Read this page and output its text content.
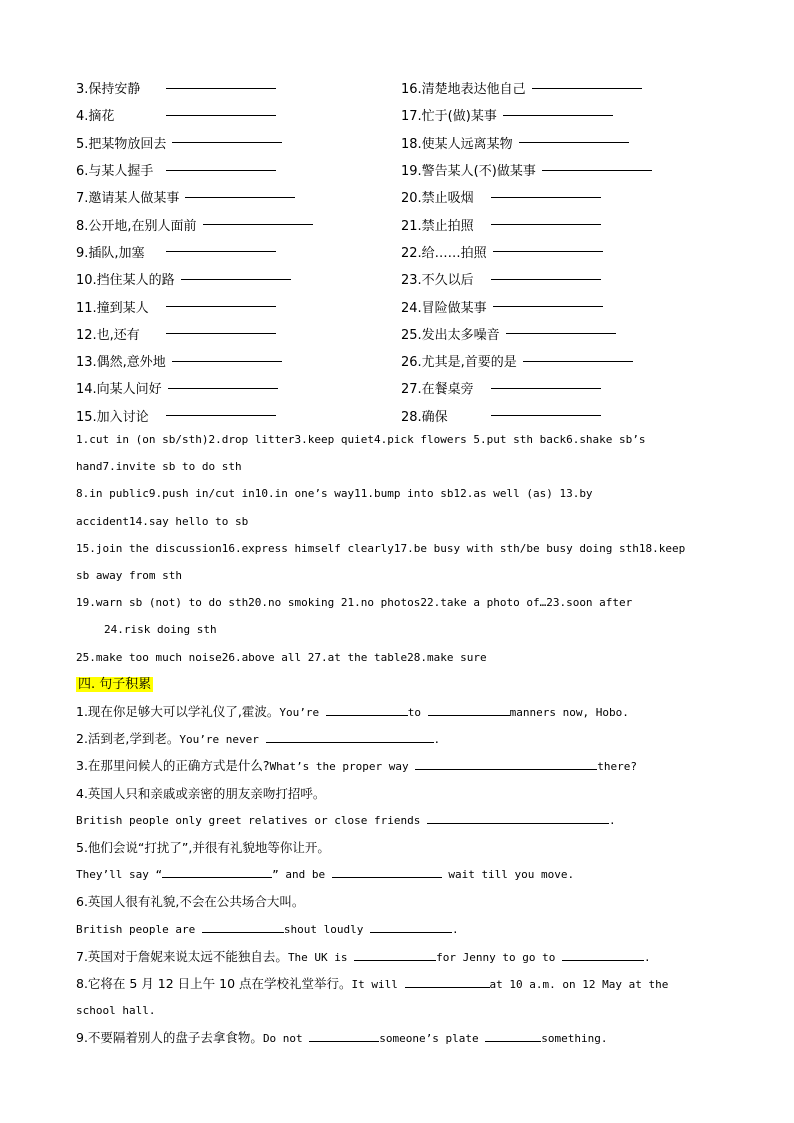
3.保持安静	16.清楚地表达他自己
4.摘花	17.忙于(做)某事
5.把某物放回去	18.使某人远离某物
6.与某人握手	19.警告某人(不)做某事
7.邀请某人做某事	20.禁止吸烟
8.公开地,在别人面前	21.禁止拍照
9.插队,加塞	22.给……拍照
10.挡住某人的路	23.不久以后
11.撞到某人	24.冒险做某事
12.也,还有	25.发出太多噪音
13.偶然,意外地	26.尤其是,首要的是
14.向某人问好	27.在餐桌旁
15.加入讨论	28.确保
1.cut in (on sb/sth)2.drop litter3.keep quiet4.pick flowers 5.put sth back6.shake sb’s
hand7.invite sb to do sth
8.in public9.push in/cut in10.in one’s way11.bump into sb12.as well (as) 13.by
accident14.say hello to sb
15.join the discussion16.express himself clearly17.be busy with sth/be busy doing sth18.keep
sb away from sth
19.warn sb (not) to do sth20.no smoking 21.no photos22.take a photo of…23.soon after
24.risk doing sth
25.make too much noise26.above all 27.at the table28.make sure
四. 句子积累
1.现在你足够大可以学礼仪了,霍波。You’re	to	manners now, Hobo.
2.活到老,学到老。You’re never	.
3.在那里问候人的正确方式是什么?What’s the proper way	there?
4.英国人只和亲戚或亲密的朋友亲吻打招呼。
British people only greet relatives or close friends	.
5.他们会说“打扰了”,并很有礼貌地等你让开。
They’ll say “	” and be	wait till you move.
6.英国人很有礼貌,不会在公共场合大叫。
British people are	shout loudly	.
7.英国对于詹妮来说太远不能独自去。The UK is	for Jenny to go to	.
8.它将在 5 月 12 日上午 10 点在学校礼堂举行。It will	at 10 a.m. on 12 May at the
school hall.
9.不要隔着别人的盘子去拿食物。Do not	someone’s plate	something.
